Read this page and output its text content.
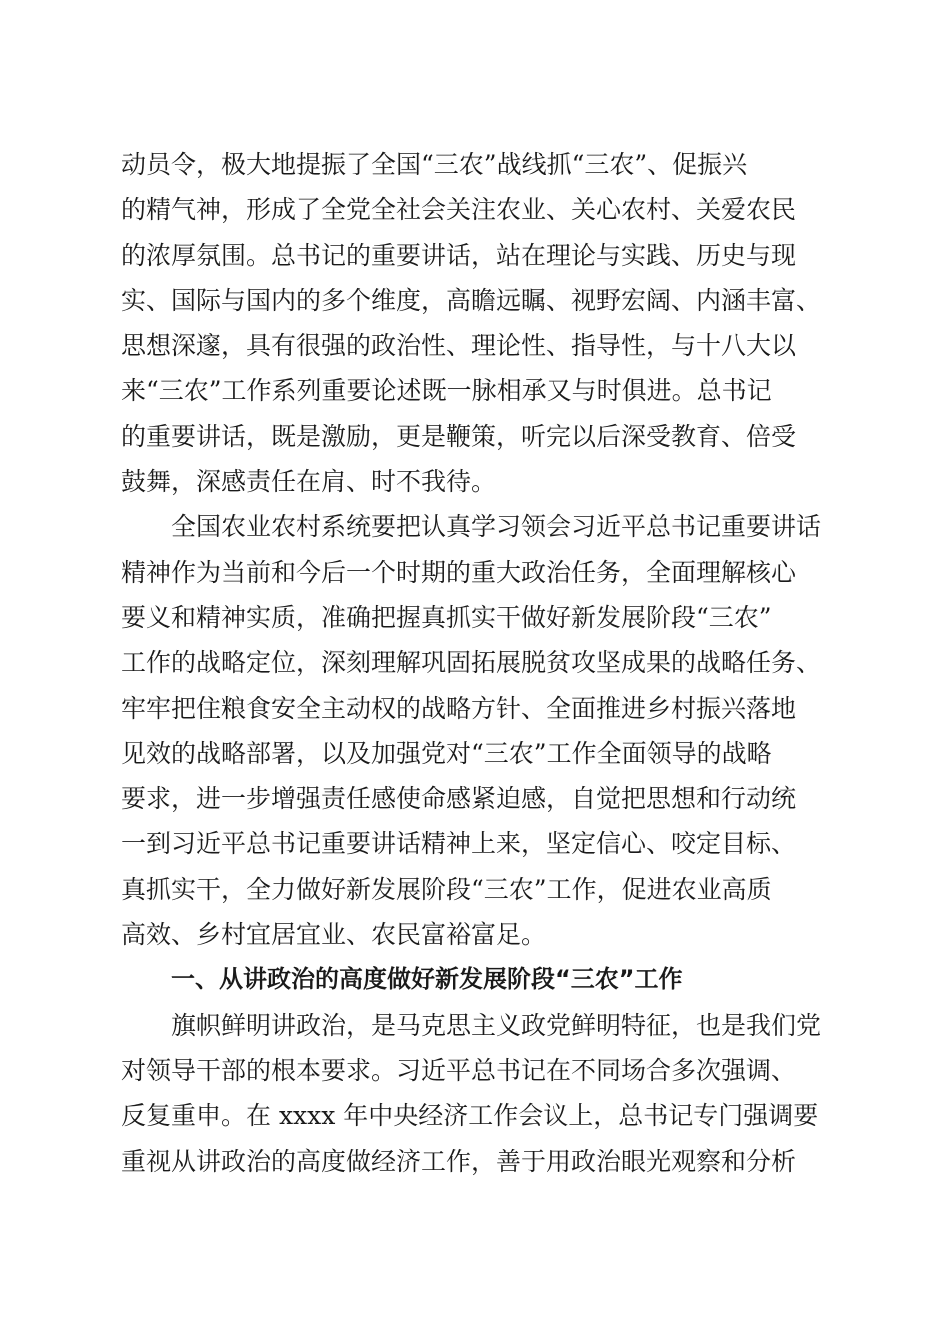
动员令，极大地提振了全国“三农”战线抓“三农”、促振兴
的精气神，形成了全党全社会关注农业、关心农村、关爱农民
的浓厚氛围。总书记的重要讲话，站在理论与实践、历史与现
实、国际与国内的多个维度，高瞻远瞩、视野宏阔、内涵丰富、
思想深邃，具有很强的政治性、理论性、指导性，与十八大以
来“三农”工作系列重要论述既一脉相承又与时俱进。总书记
的重要讲话，既是激励，更是鞭策，听完以后深受教育、倍受
鼓舞，深感责任在肩、时不我待。
全国农业农村系统要把认真学习领会习近平总书记重要讲话
精神作为当前和今后一个时期的重大政治任务，全面理解核心
要义和精神实质，准确把握真抓实干做好新发展阶段“三农”
工作的战略定位，深刻理解巩固拓展脱贫攻坚成果的战略任务、
牢牢把住粮食安全主动权的战略方针、全面推进乡村振兴落地
见效的战略部署，以及加强党对“三农”工作全面领导的战略
要求，进一步增强责任感使命感紧迫感，自觉把思想和行动统
一到习近平总书记重要讲话精神上来，坚定信心、咬定目标、
真抓实干，全力做好新发展阶段“三农”工作，促进农业高质
高效、乡村宜居宜业、农民富裕富足。
一、从讲政治的高度做好新发展阶段“三农”工作
旗帜鲜明讲政治，是马克思主义政党鲜明特征，也是我们党
对领导干部的根本要求。习近平总书记在不同场合多次强调、
反复重申。在 xxxx 年中央经济工作会议上，总书记专门强调要
重视从讲政治的高度做经济工作，善于用政治眼光观察和分析
